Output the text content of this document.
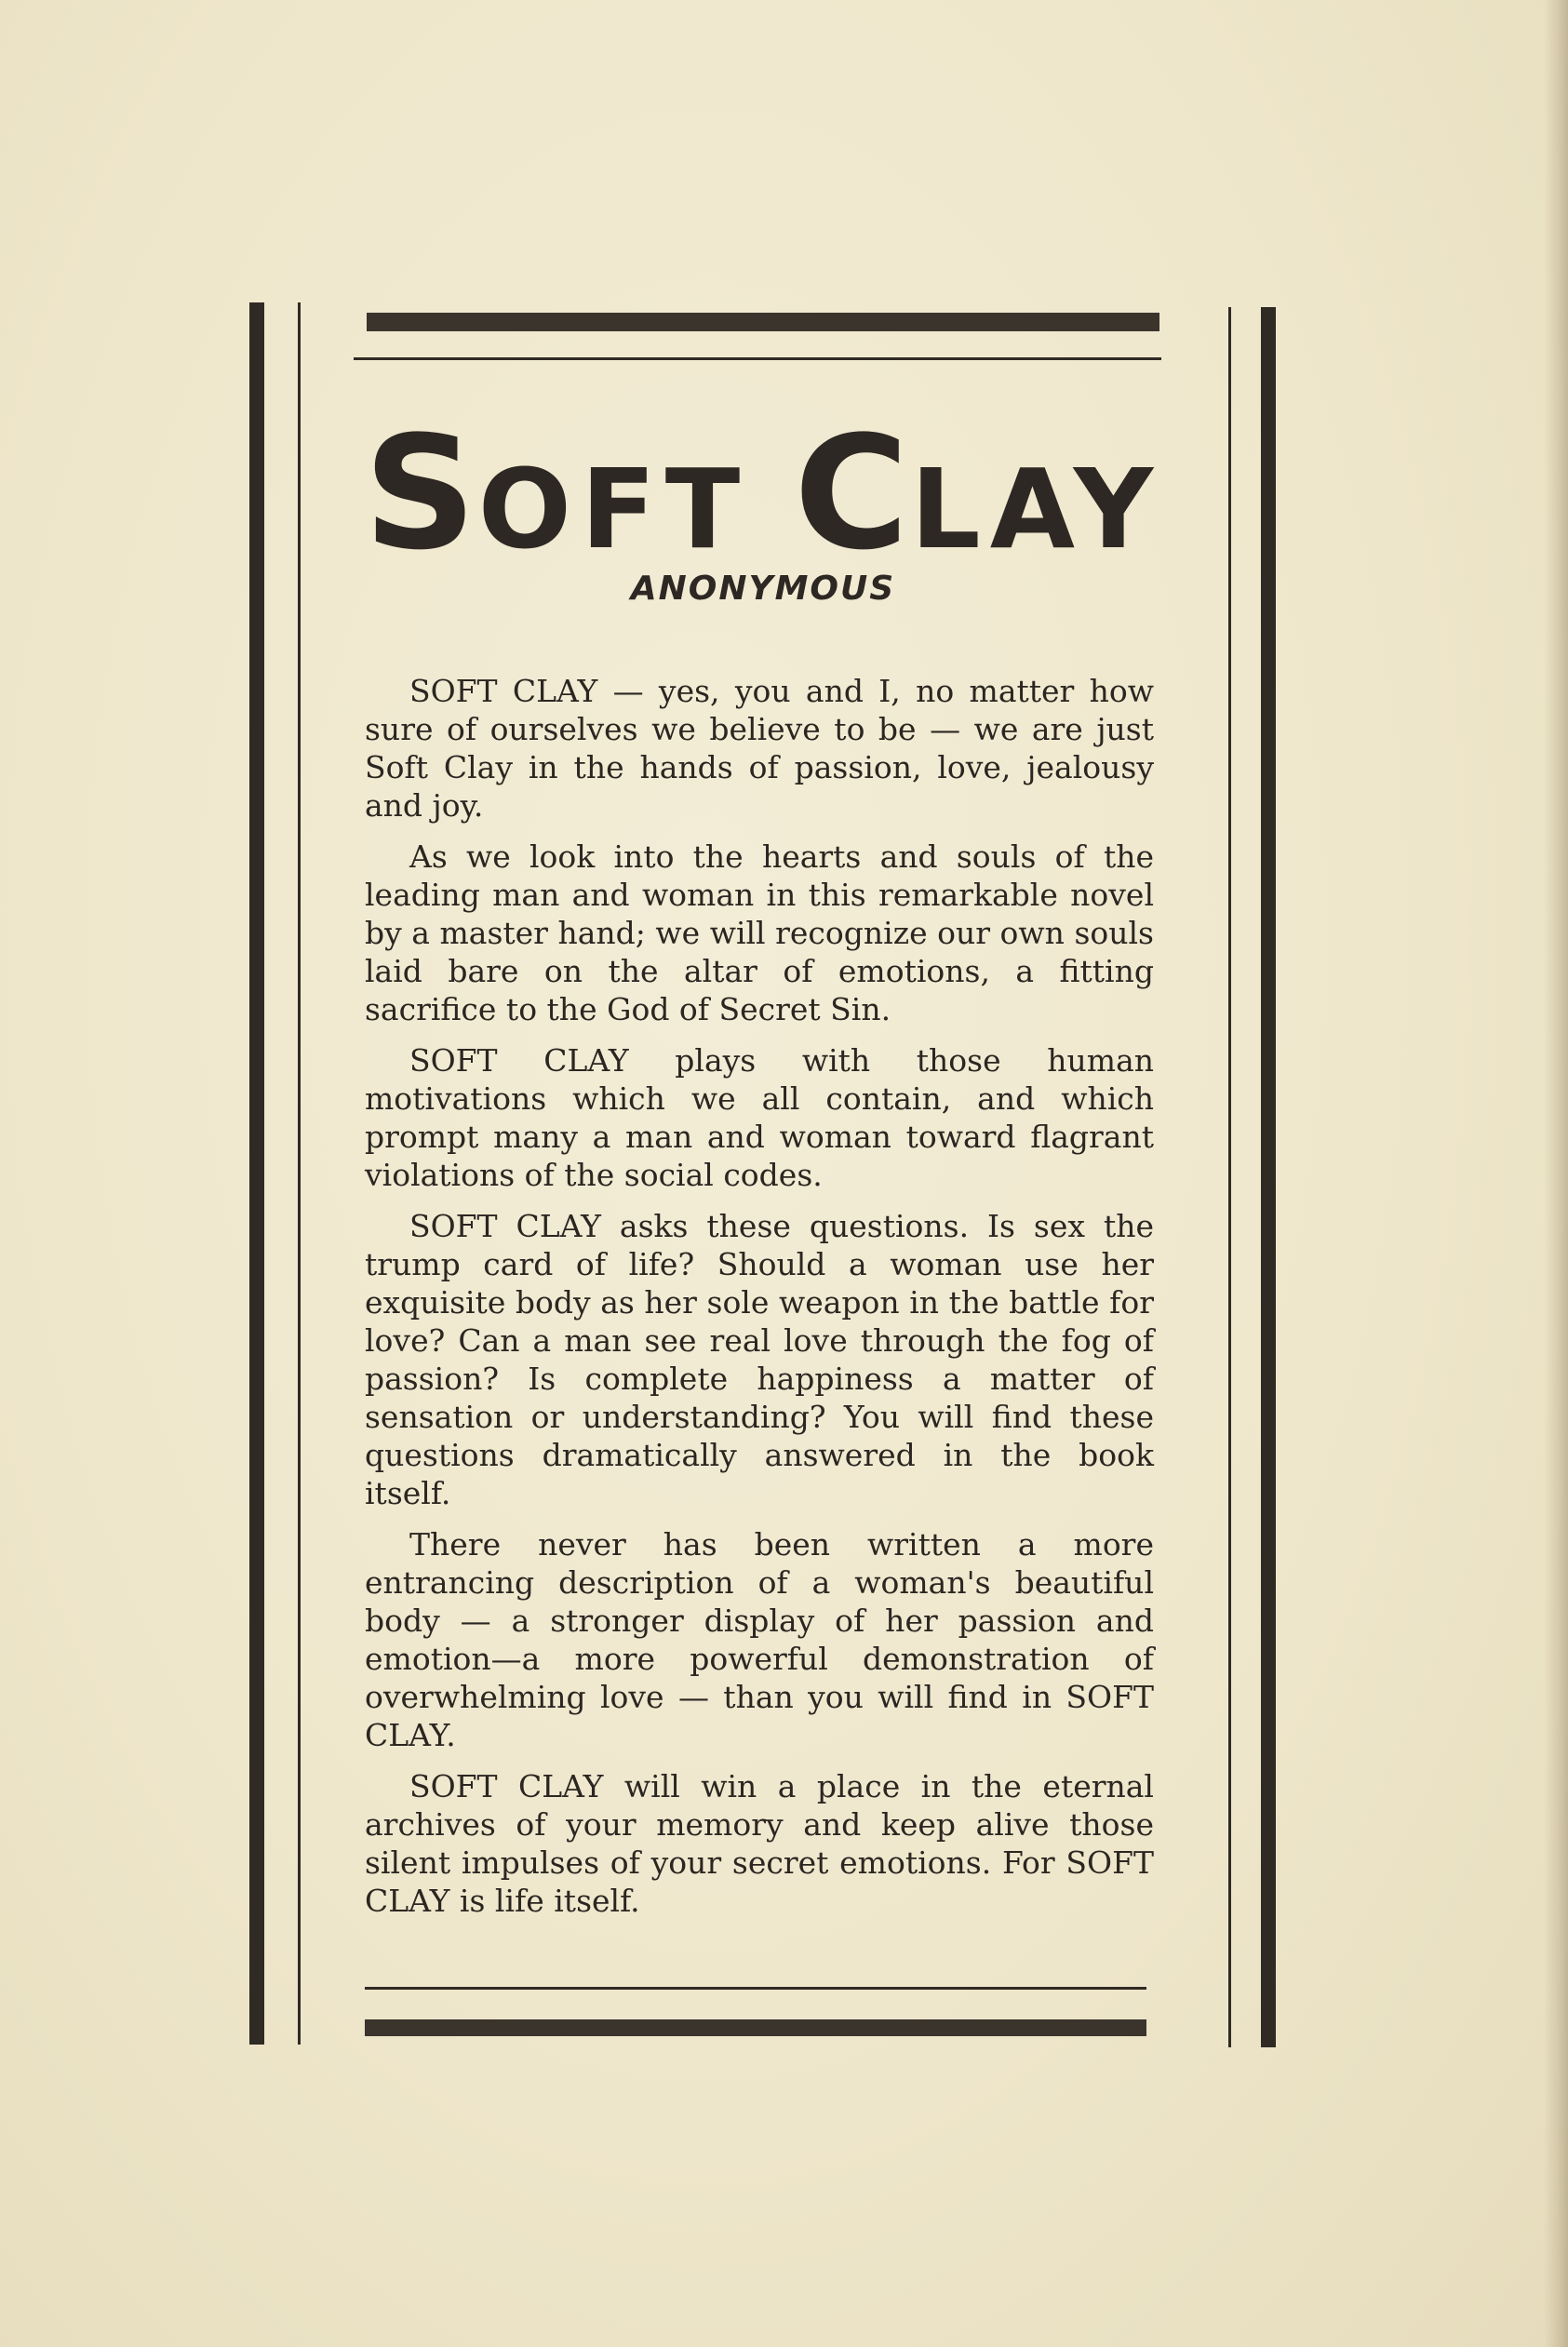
SOFT CLAY
ANONYMOUS

SOFT CLAY — yes, you and I, no matter how sure of ourselves we believe to be — we are just Soft Clay in the hands of passion, love, jealousy and joy.

As we look into the hearts and souls of the leading man and woman in this remarkable novel by a master hand; we will recognize our own souls laid bare on the altar of emotions, a fitting sacrifice to the God of Secret Sin.

SOFT CLAY plays with those human motivations which we all contain, and which prompt many a man and woman toward flagrant violations of the social codes.

SOFT CLAY asks these questions. Is sex the trump card of life? Should a woman use her exquisite body as her sole weapon in the battle for love? Can a man see real love through the fog of passion? Is complete happiness a matter of sensation or understanding? You will find these questions dramatically answered in the book itself.

There never has been written a more entrancing description of a woman's beautiful body — a stronger display of her passion and emotion—a more powerful demonstration of overwhelming love — than you will find in SOFT CLAY.

SOFT CLAY will win a place in the eternal archives of your memory and keep alive those silent impulses of your secret emotions. For SOFT CLAY is life itself.
